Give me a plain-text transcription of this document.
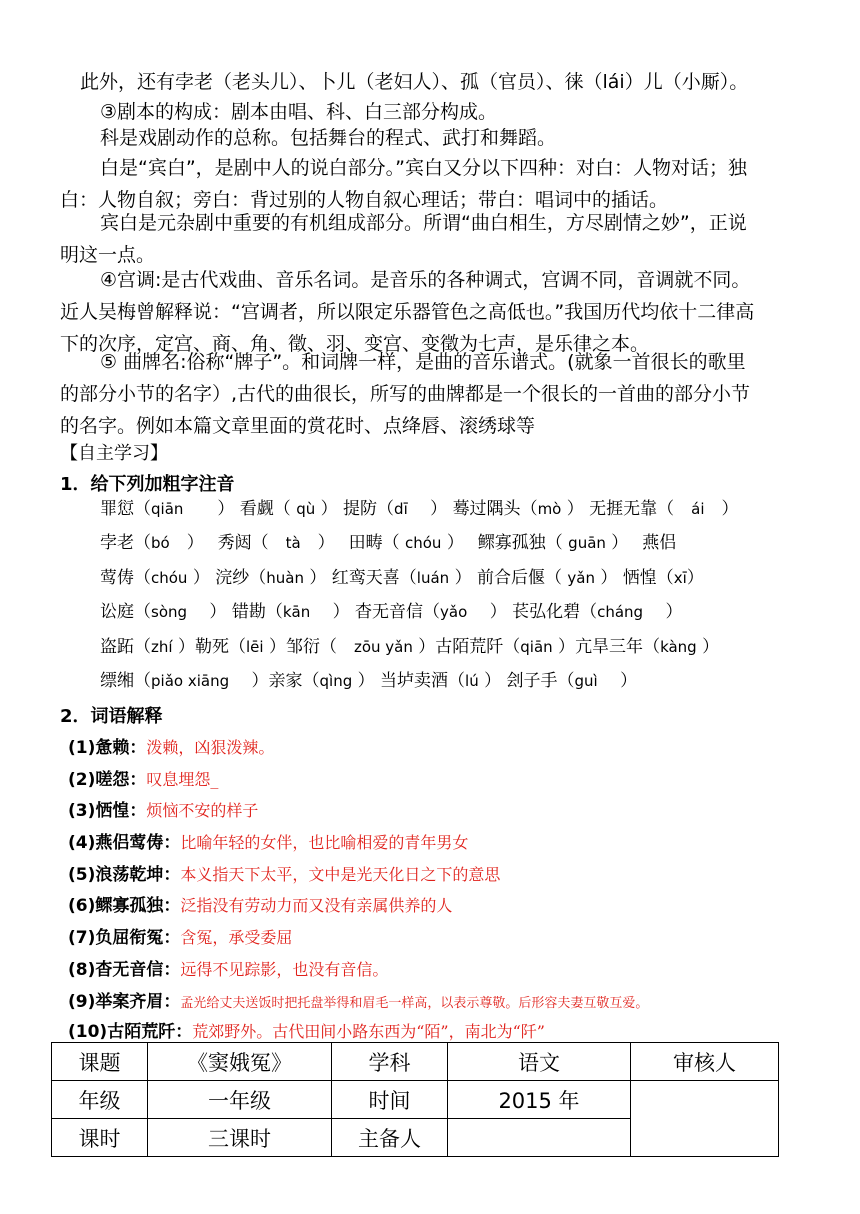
此外，还有孛老（老头儿）、卜儿（老妇人）、孤（官员）、徕（lái）儿（小厮）。
③剧本的构成：剧本由唱、科、白三部分构成。
科是戏剧动作的总称。包括舞台的程式、武打和舞蹈。
白是“宾白”，是剧中人的说白部分。”宾白又分以下四种：对白：人物对话；独
白：人物自叙；旁白：背过别的人物自叙心理话；带白：唱词中的插话。
宾白是元杂剧中重要的有机组成部分。所谓“曲白相生，方尽剧情之妙”，正说
明这一点。
④宫调:是古代戏曲、音乐名词。是音乐的各种调式，宫调不同，音调就不同。
近人吴梅曾解释说：“宫调者，所以限定乐器管色之高低也。”我国历代均依十二律高
下的次序，定宫、商、角、徵、羽、变宫、变徵为七声，是乐律之本。
⑤ 曲牌名:俗称“牌子”。和词牌一样，是曲的音乐谱式。(就象一首很长的歌里
的部分小节的名字）,古代的曲很长，所写的曲牌都是一个很长的一首曲的部分小节
的名字。例如本篇文章里面的赏花时、点绛唇、滚绣球等
【自主学习】
1．给下列加粗字注音
罪愆（qiān　　） 看觑（ qù ） 提防（dī　 ） 蓦过隅头（mò ） 无捱无靠（　ái　）
孛老（bó　）　 秀闼（　tà　）　 田畴（ chóu ）　 鳏寡孤独（ guān ）　 燕侣
莺俦（chóu ） 浣纱（huàn ） 红鸾天喜（luán ） 前合后偃（ yǎn ） 恓惶（xī）
讼庭（sòng　 ） 错勘（kān　 ） 杳无音信（yǎo　 ） 苌弘化碧（cháng　 ）
盗跖（zhí ）勒死（lēi ）邹衍（　zōu yǎn ）古陌荒阡（qiān ）亢旱三年（kàng ）
缥缃（piǎo xiāng　 ）亲家（qìng ） 当垆卖酒（lú ） 刽子手（guì　 ）
2．词语解释
(1)惫赖：泼赖，凶狠泼辣。
(2)嗟怨：叹息埋怨_
(3)恓惶：烦恼不安的样子
(4)燕侣莺俦：比喻年轻的女伴，也比喻相爱的青年男女
(5)浪荡乾坤：本义指天下太平，文中是光天化日之下的意思
(6)鳏寡孤独：泛指没有劳动力而又没有亲属供养的人
(7)负屈衔冤：含冤，承受委屈
(8)杳无音信：远得不见踪影，也没有音信。
(9)举案齐眉：孟光给丈夫送饭时把托盘举得和眉毛一样高，以表示尊敬。后形容夫妻互敬互爱。
(10)古陌荒阡：荒郊野外。古代田间小路东西为“陌”，南北为“阡”
课题	《窦娥冤》	学科	语文	审核人
年级	一年级	时间	2015 年	
课时	三课时	主备人		
